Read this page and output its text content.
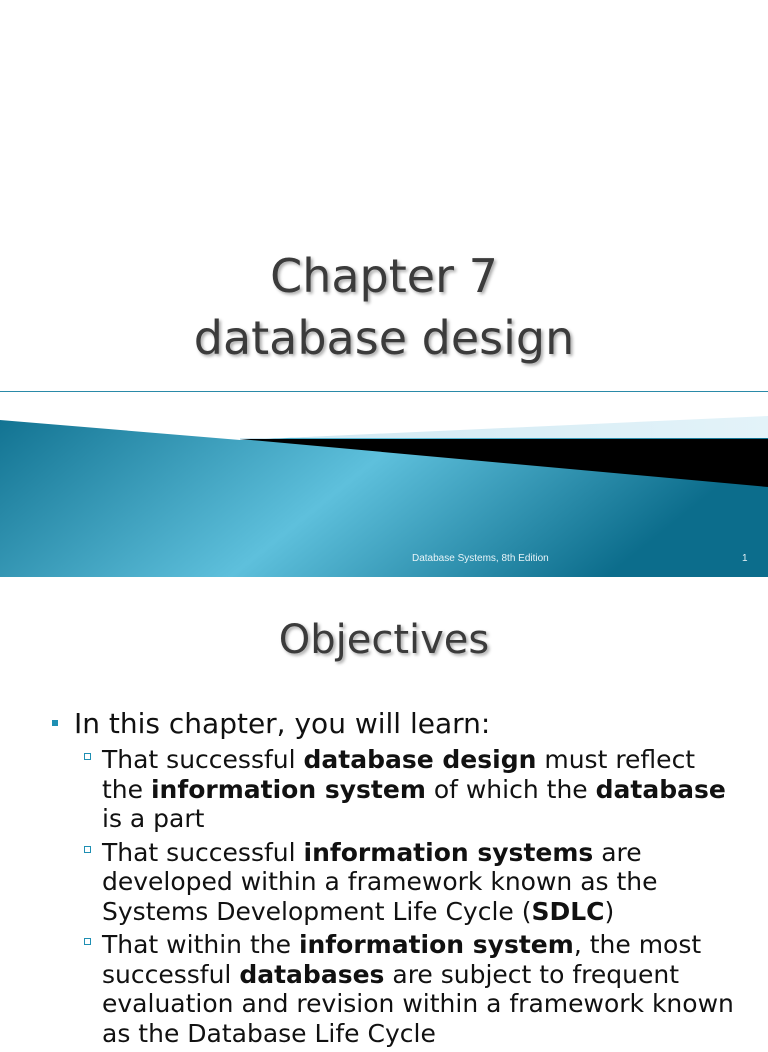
Chapter 7
database design
Database Systems, 8th Edition	1
Objectives
In this chapter, you will learn:
That successful database design must reflect the information system of which the database is a part
That successful information systems are developed within a framework known as the Systems Development Life Cycle (SDLC)
That within the information system, the most successful databases are subject to frequent evaluation and revision within a framework known as the Database Life Cycle
